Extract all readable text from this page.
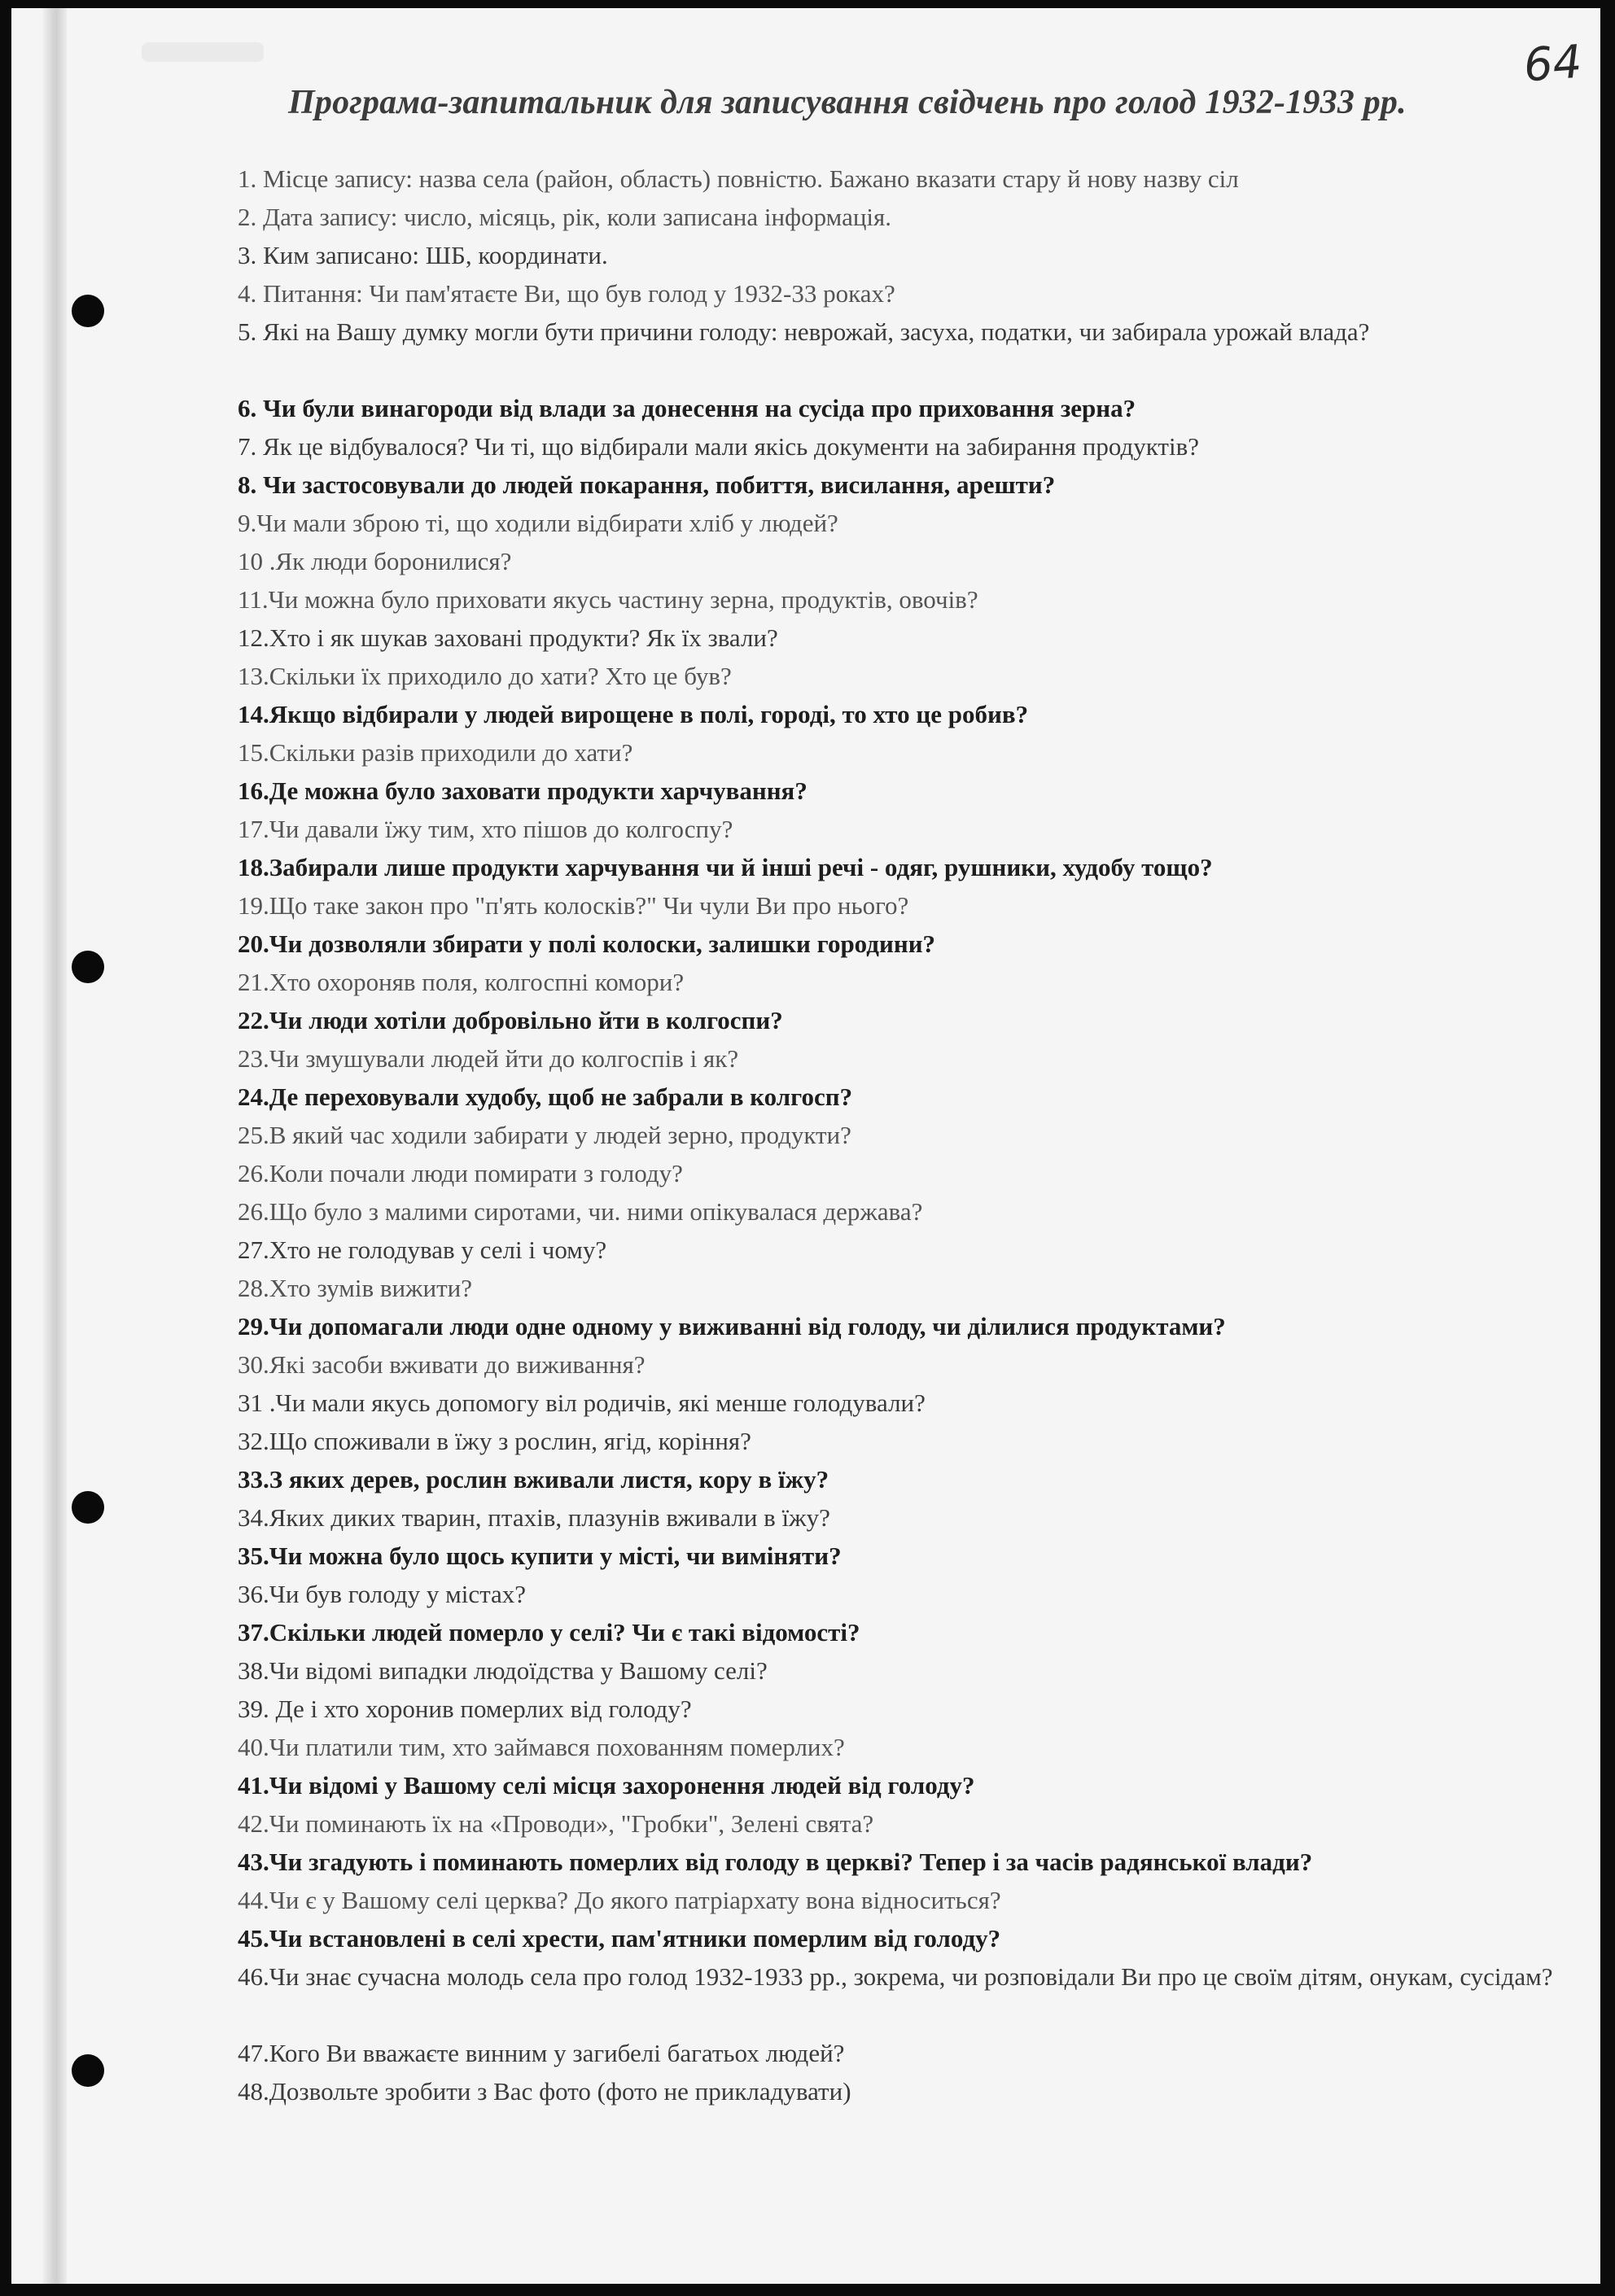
64
Програма-запитальник для записування свідчень про голод 1932-1933 рр.
1. Місце запису: назва села (район, область) повністю. Бажано вказати стару й нову назву сіл
2. Дата запису: число, місяць, рік, коли записана інформація.
3. Ким записано: ШБ, координати.
4. Питання: Чи пам'ятаєте Ви, що був голод у 1932-33 роках?
5. Які на Вашу думку могли бути причини голоду: неврожай, засуха, податки, чи забирала урожай влада?
6. Чи були винагороди від влади за донесення на сусіда про приховання зерна?
7. Як це відбувалося? Чи ті, що відбирали мали якісь документи на забирання продуктів?
8. Чи застосовували до людей покарання, побиття, висилання, арешти?
9.Чи мали зброю ті, що ходили відбирати хліб у людей?
10 .Як люди боронилися?
11.Чи можна було приховати якусь частину зерна, продуктів, овочів?
12.Хто і як шукав заховані продукти? Як їх звали?
13.Скільки їх приходило до хати? Хто це був?
14.Якщо відбирали у людей вирощене в полі, городі, то хто це робив?
15.Скільки разів приходили до хати?
16.Де можна було заховати продукти харчування?
17.Чи давали їжу тим, хто пішов до колгоспу?
18.Забирали лише продукти харчування чи й інші речі - одяг, рушники, худобу тощо?
19.Що таке закон про "п'ять колосків?" Чи чули Ви про нього?
20.Чи дозволяли збирати у полі колоски, залишки городини?
21.Хто охороняв поля, колгоспні комори?
22.Чи люди хотіли добровільно йти в колгоспи?
23.Чи змушували людей йти до колгоспів і як?
24.Де переховували худобу, щоб не забрали в колгосп?
25.В який час ходили забирати у людей зерно, продукти?
26.Коли почали люди помирати з голоду?
26.Що було з малими сиротами, чи. ними опікувалася держава?
27.Хто не голодував у селі і чому?
28.Хто зумів вижити?
29.Чи допомагали люди одне одному у виживанні від голоду, чи ділилися продуктами?
30.Які засоби вживати до виживання?
31 .Чи мали якусь допомогу віл родичів, які менше голодували?
32.Що споживали в їжу з рослин, ягід, коріння?
33.З яких дерев, рослин вживали листя, кору в їжу?
34.Яких диких тварин, птахів, плазунів вживали в їжу?
35.Чи можна було щось купити у місті, чи виміняти?
36.Чи був голоду у містах?
37.Скільки людей померло у селі? Чи є такі відомості?
38.Чи відомі випадки людоїдства у Вашому селі?
39. Де і хто хоронив померлих від голоду?
40.Чи платили тим, хто займався похованням померлих?
41.Чи відомі у Вашому селі місця захоронення людей від голоду?
42.Чи поминають їх на «Проводи», "Гробки", Зелені свята?
43.Чи згадують і поминають померлих від голоду в церкві? Тепер і за часів радянської влади?
44.Чи є у Вашому селі церква? До якого патріархату вона відноситься?
45.Чи встановлені в селі хрести, пам'ятники померлим від голоду?
46.Чи знає сучасна молодь села про голод 1932-1933 рр., зокрема, чи розповідали Ви про це своїм дітям, онукам, сусідам?
47.Кого Ви вважаєте винним у загибелі багатьох людей?
48.Дозвольте зробити з Вас фото (фото не прикладувати)
